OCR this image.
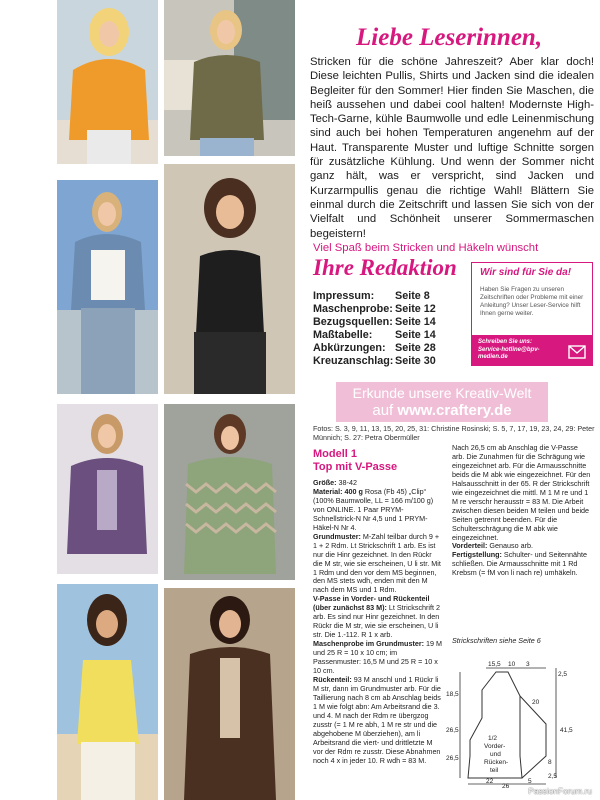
Liebe Leserinnen,
Stricken für die schöne Jahreszeit? Aber klar doch! Diese leichten Pullis, Shirts und Jacken sind die idealen Begleiter für den Sommer! Hier finden Sie Maschen, die heiß aussehen und dabei cool halten! Modernste High-Tech-Garne, kühle Baumwolle und edle Leinenmischung sind auch bei hohen Temperaturen angenehm auf der Haut. Transparente Muster und luftige Schnitte sorgen für zusätzliche Kühlung. Und wenn der Sommer nicht ganz hält, was er verspricht, sind Jacken und Kurzarmpullis genau die richtige Wahl! Blättern Sie einmal durch die Zeitschrift und lassen Sie sich von der Vielfalt und Schönheit unserer Sommermaschen begeistern!
Viel Spaß beim Stricken und Häkeln wünscht
Ihre Redaktion
Impressum:	Seite 8
Maschenprobe: Seite 12
Bezugsquellen: Seite 14
Maßtabelle:	Seite 14
Abkürzungen: Seite 28
Kreuzanschlag: Seite 30
Wir sind für Sie da!
Haben Sie Fragen zu unseren Zeitschriften oder Probleme mit einer Anleitung? Unser Leser-Service hilft Ihnen gerne weiter.
Schreiben Sie uns:
Service-hotline@bpv-
medien.de
Erkunde unsere Kreativ-Welt
auf www.craftery.de
Fotos: S. 3, 9, 11, 13, 15, 20, 25, 31: Christine Rosinski; S. 5, 7, 17, 19, 23, 24, 29: Peter Münnich; S. 27: Petra Obermüller
Modell 1
Top mit V-Passe
Größe: 38-42
Material: 400 g Rosa (Fb 45) „Clip“ (100% Baumwolle, LL = 166 m/100 g) von ONLINE. 1 Paar PRYM-Schnellstrick-N Nr 4,5 und 1 PRYM-Häkel-N Nr 4.
Grundmuster: M-Zahl teilbar durch 9 + 1 + 2 Rdm. Lt Strickschrift 1 arb. Es ist nur die Hinr gezeichnet. In den Rückr die M str, wie sie erscheinen, U li str. Mit 1 Rdm und den vor dem MS beginnen, den MS stets wdh, enden mit den M nach dem MS und 1 Rdm.
V-Passe in Vorder- und Rückenteil (über zunächst 83 M): Lt Strickschrift 2 arb. Es sind nur Hinr gezeichnet. In den Rückr die M str, wie sie erscheinen, U li str. Die 1.-112. R 1 x arb.
Maschenprobe im Grundmuster: 19 M und 25 R = 10 x 10 cm; im Passenmuster: 16,5 M und 25 R = 10 x 10 cm.
Rückenteil: 93 M anschl und 1 Rückr li M str, dann im Grundmuster arb. Für die Taillierung nach 8 cm ab Anschlag beids 1 M wie folgt abn: Am Arbeitsrand die 3. und 4. M nach der Rdm re übergzog zusstr (= 1 M re abh, 1 M re str und die abgehobene M überziehen), am li Arbeitsrand die viert- und drittletzte M vor der Rdm re zusstr. Diese Abnahmen noch 4 x in jeder 10. R wdh = 83 M.
Nach 26,5 cm ab Anschlag die V-Passe arb. Die Zunahmen für die Schrägung wie eingezeichnet arb. Für die Armausschnitte beids die M abk wie eingezeichnet. Für den Halsausschnitt in der 65. R der Strickschrift wie eingezeichnet die mittl. M 1 M re und 1 M re verschr herausstr = 83 M. Die Arbeit zwischen diesen beiden M teilen und beide Seiten getrennt beenden. Für die Schulterschrägung die M abk wie eingezeichnet.
Vorderteil: Genauso arb.
Fertigstellung: Schulter- und Seitennähte schließen. Die Armausschnitte mit 1 Rd Krebsm (= fM von li nach re) umhäkeln.
Strickschriften siehe Seite 6
15,5 10 3
2,5
18,5
20
26,5	41,5
26,5
1/2
Vorder-
und
Rücken-
teil
8
2,5
22	5
26 PassionForum.ru
